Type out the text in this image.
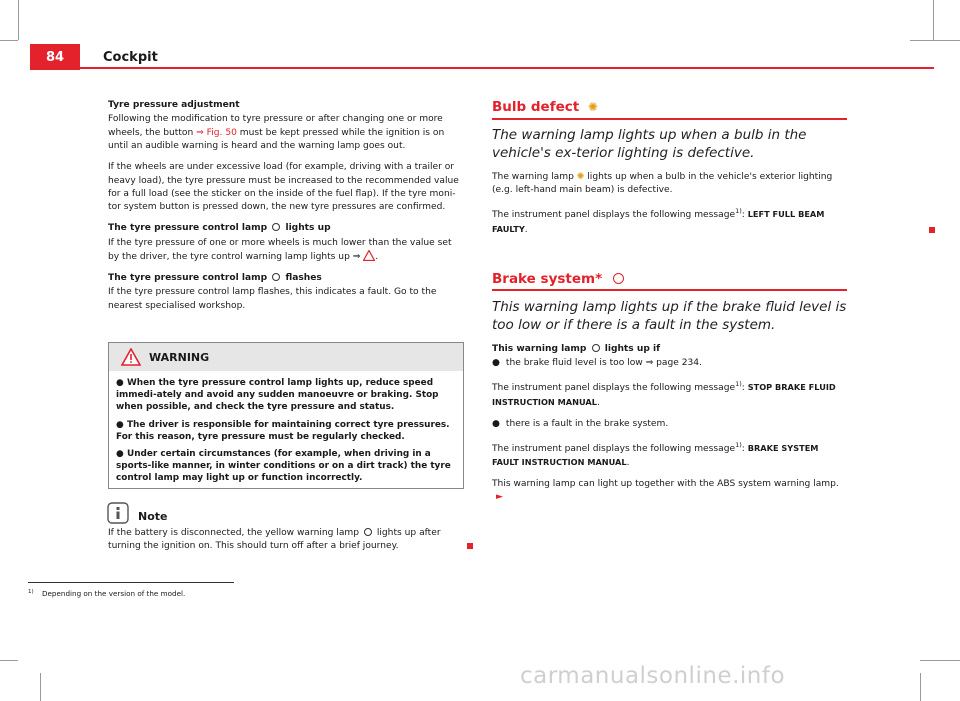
84	Cockpit

Tyre pressure adjustment

Following the modification to tyre pressure or after changing one or more wheels, the button ⇒ Fig. 50 must be kept pressed while the ignition is on until an audible warning is heard and the warning lamp goes out.

If the wheels are under excessive load (for example, driving with a trailer or heavy load), the tyre pressure must be increased to the recommended value for a full load (see the sticker on the inside of the fuel flap). If the tyre moni-tor system button is pressed down, the new tyre pressures are confirmed.

The tyre pressure control lamp lights up

If the tyre pressure of one or more wheels is much lower than the value set by the driver, the tyre control warning lamp lights up ⇒ .

The tyre pressure control lamp flashes

If the tyre pressure control lamp flashes, this indicates a fault. Go to the nearest specialised workshop.

WARNING

● When the tyre pressure control lamp lights up, reduce speed immedi-ately and avoid any sudden manoeuvre or braking. Stop when possible, and check the tyre pressure and status.

● The driver is responsible for maintaining correct tyre pressures. For this reason, tyre pressure must be regularly checked.

● Under certain circumstances (for example, when driving in a sports-like manner, in winter conditions or on a dirt track) the tyre control lamp may light up or function incorrectly.

Note
If the battery is disconnected, the yellow warning lamp lights up after turning the ignition on. This should turn off after a brief journey.
Bulb defect ✺
The warning lamp lights up when a bulb in the vehicle's ex-terior lighting is defective.

The warning lamp ✺ lights up when a bulb in the vehicle's exterior lighting (e.g. left-hand main beam) is defective.

The instrument panel displays the following message$^{1)}$: LEFT FULL BEAM FAULTY.

Brake system*
This warning lamp lights up if the brake fluid level is too low or if there is a fault in the system.

This warning lamp lights up if

● the brake fluid level is too low ⇒ page 234.

The instrument panel displays the following message$^{1)}$: STOP BRAKE FLUID INSTRUCTION MANUAL.

● there is a fault in the brake system.

The instrument panel displays the following message$^{1)}$: BRAKE SYSTEM FAULT INSTRUCTION MANUAL.

This warning lamp can light up together with the ABS system warning lamp. ►

$^{1)}$ Depending on the version of the model.
carmanualsonline.info
